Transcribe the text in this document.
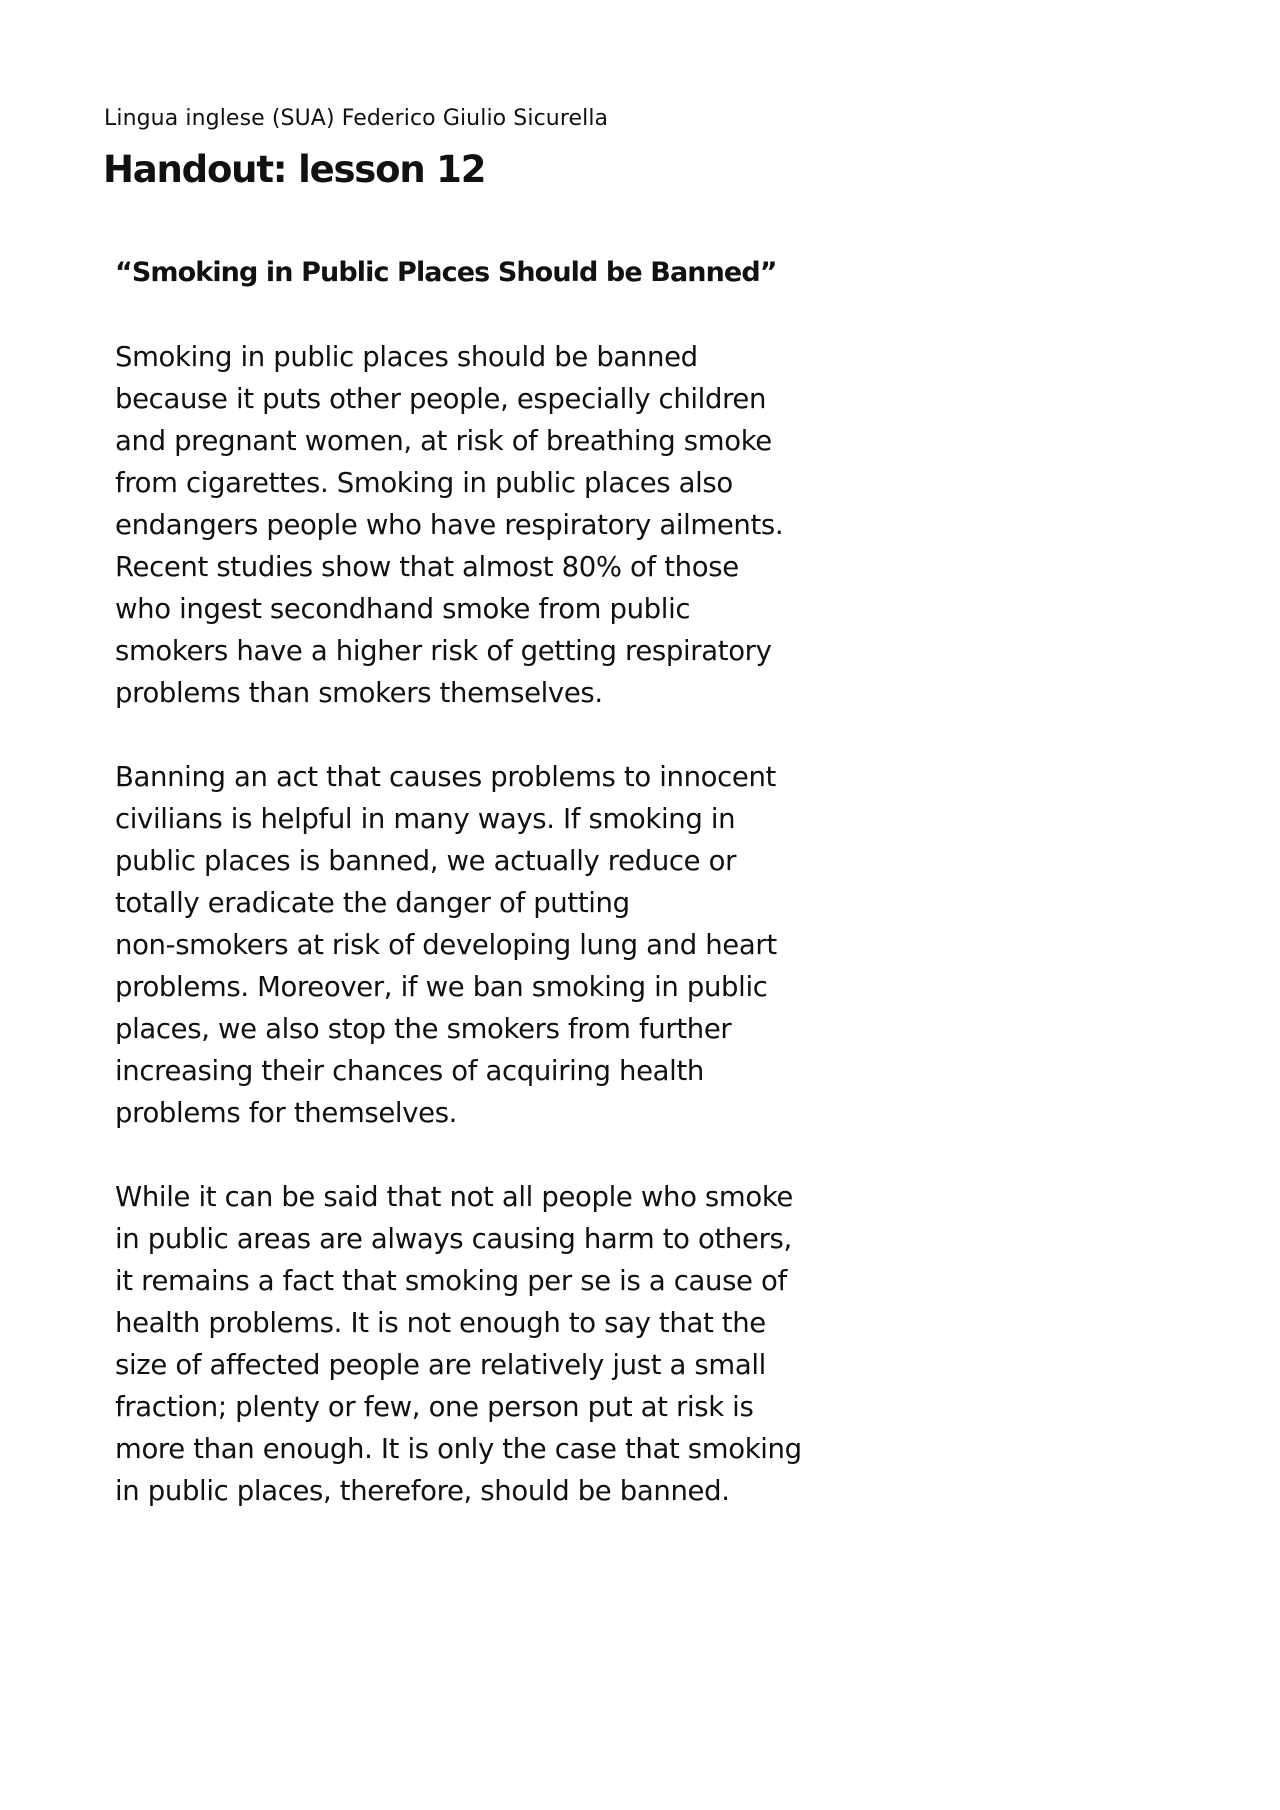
Lingua inglese (SUA) Federico Giulio Sicurella
Handout: lesson 12
“Smoking in Public Places Should be Banned”

Smoking in public places should be banned
because it puts other people, especially children
and pregnant women, at risk of breathing smoke
from cigarettes. Smoking in public places also
endangers people who have respiratory ailments.
Recent studies show that almost 80% of those
who ingest secondhand smoke from public
smokers have a higher risk of getting respiratory
problems than smokers themselves.

Banning an act that causes problems to innocent
civilians is helpful in many ways. If smoking in
public places is banned, we actually reduce or
totally eradicate the danger of putting
non-smokers at risk of developing lung and heart
problems. Moreover, if we ban smoking in public
places, we also stop the smokers from further
increasing their chances of acquiring health
problems for themselves.

While it can be said that not all people who smoke
in public areas are always causing harm to others,
it remains a fact that smoking per se is a cause of
health problems. It is not enough to say that the
size of affected people are relatively just a small
fraction; plenty or few, one person put at risk is
more than enough. It is only the case that smoking
in public places, therefore, should be banned.
